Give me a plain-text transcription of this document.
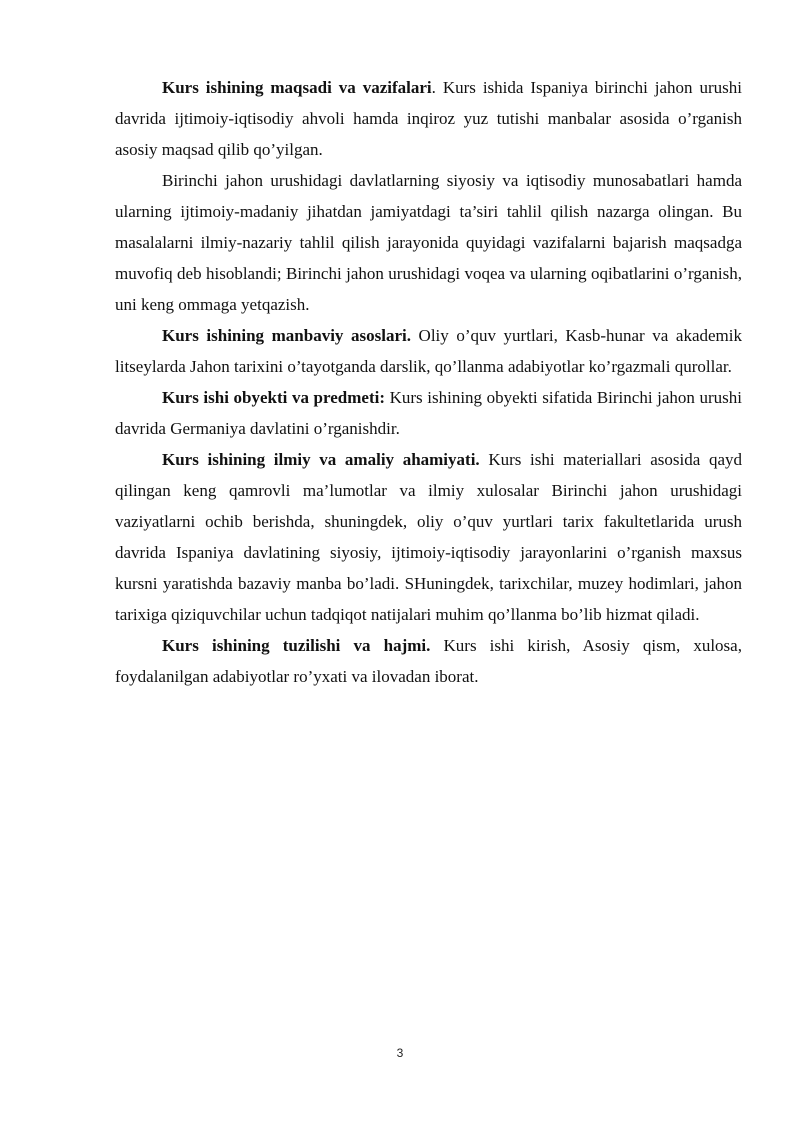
Kurs ishining maqsadi va vazifalari. Kurs ishida Ispaniya birinchi jahon urushi davrida ijtimoiy-iqtisodiy ahvoli hamda inqiroz yuz tutishi manbalar asosida o’rganish asosiy maqsad qilib qo’yilgan.

Birinchi jahon urushidagi davlatlarning siyosiy va iqtisodiy munosabatlari hamda ularning ijtimoiy-madaniy jihatdan jamiyatdagi ta’siri tahlil qilish nazarga olingan. Bu masalalarni ilmiy-nazariy tahlil qilish jarayonida quyidagi vazifalarni bajarish maqsadga muvofiq deb hisoblandi; Birinchi jahon urushidagi voqea va ularning oqibatlarini o’rganish, uni keng ommaga yetqazish.

Kurs ishining manbaviy asoslari. Oliy o’quv yurtlari, Kasb-hunar va akademik litseylarda Jahon tarixini o’tayotganda darslik, qo’llanma adabiyotlar ko’rgazmali qurollar.

Kurs ishi obyekti va predmeti: Kurs ishining obyekti sifatida Birinchi jahon urushi davrida Germaniya davlatini o’rganishdir.

Kurs ishining ilmiy va amaliy ahamiyati. Kurs ishi materiallari asosida qayd qilingan keng qamrovli ma’lumotlar va ilmiy xulosalar Birinchi jahon urushidagi vaziyatlarni ochib berishda, shuningdek, oliy o’quv yurtlari tarix fakultetlarida urush davrida Ispaniya davlatining siyosiy, ijtimoiy-iqtisodiy jarayonlarini o’rganish maxsus kursni yaratishda bazaviy manba bo’ladi. SHuningdek, tarixchilar, muzey hodimlari, jahon tarixiga qiziquvchilar uchun tadqiqot natijalari muhim qo’llanma bo’lib hizmat qiladi.

Kurs ishining tuzilishi va hajmi. Kurs ishi kirish, Asosiy qism, xulosa, foydalanilgan adabiyotlar ro’yxati va ilovadan iborat.

3
